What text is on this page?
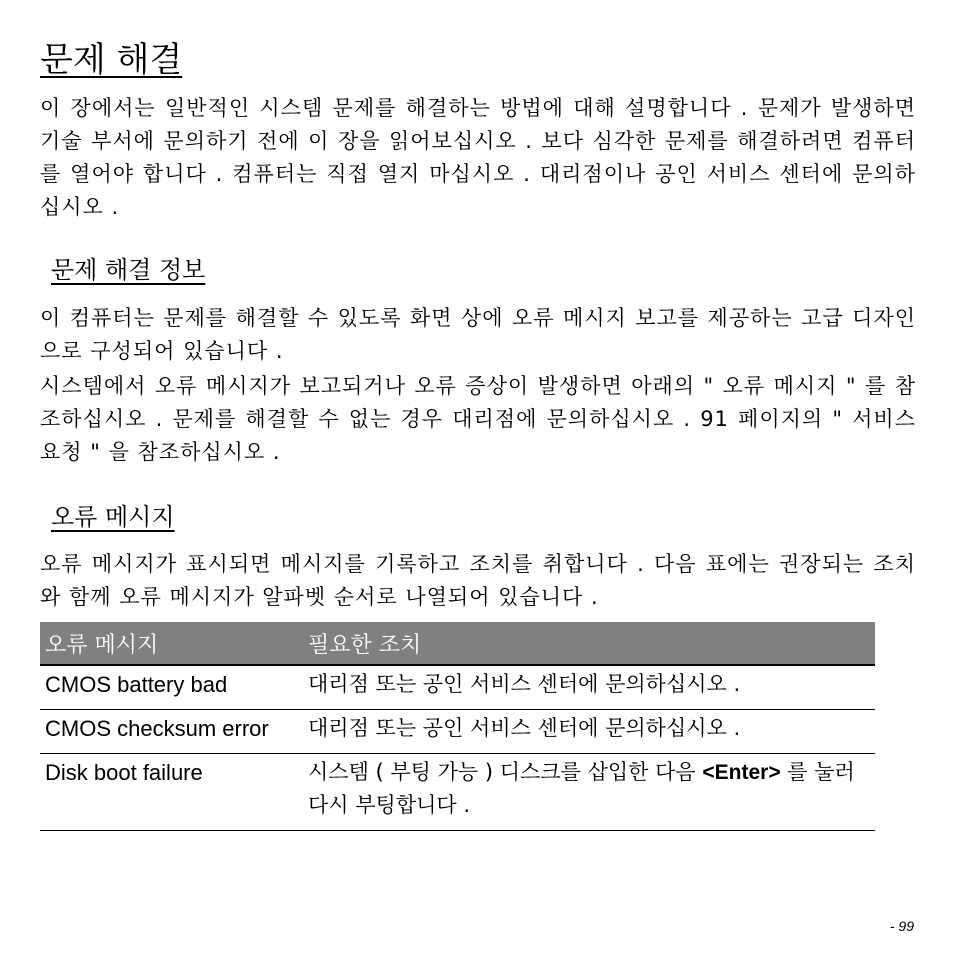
문제 해결

이 장에서는 일반적인 시스템 문제를 해결하는 방법에 대해 설명합니다 . 문제가 발생하면 기술 부서에 문의하기 전에 이 장을 읽어보십시오 . 보다 심각한 문제를 해결하려면 컴퓨터를 열어야 합니다 . 컴퓨터는 직접 열지 마십시오 . 대리점이나 공인 서비스 센터에 문의하십시오 .

문제 해결 정보

이 컴퓨터는 문제를 해결할 수 있도록 화면 상에 오류 메시지 보고를 제공하는 고급 디자인으로 구성되어 있습니다 .

시스템에서 오류 메시지가 보고되거나 오류 증상이 발생하면 아래의 " 오류 메시지 " 를 참조하십시오 . 문제를 해결할 수 없는 경우 대리점에 문의하십시오 . 91 페이지의 " 서비스 요청 " 을 참조하십시오 .

오류 메시지

오류 메시지가 표시되면 메시지를 기록하고 조치를 취합니다 . 다음 표에는 권장되는 조치와 함께 오류 메시지가 알파벳 순서로 나열되어 있습니다 .

오류 메시지	필요한 조치
CMOS battery bad	대리점 또는 공인 서비스 센터에 문의하십시오 .
CMOS checksum error	대리점 또는 공인 서비스 센터에 문의하십시오 .
Disk boot failure	시스템 ( 부팅 가능 ) 디스크를 삽입한 다음 <Enter> 를 눌러 다시 부팅합니다 .
- 99
